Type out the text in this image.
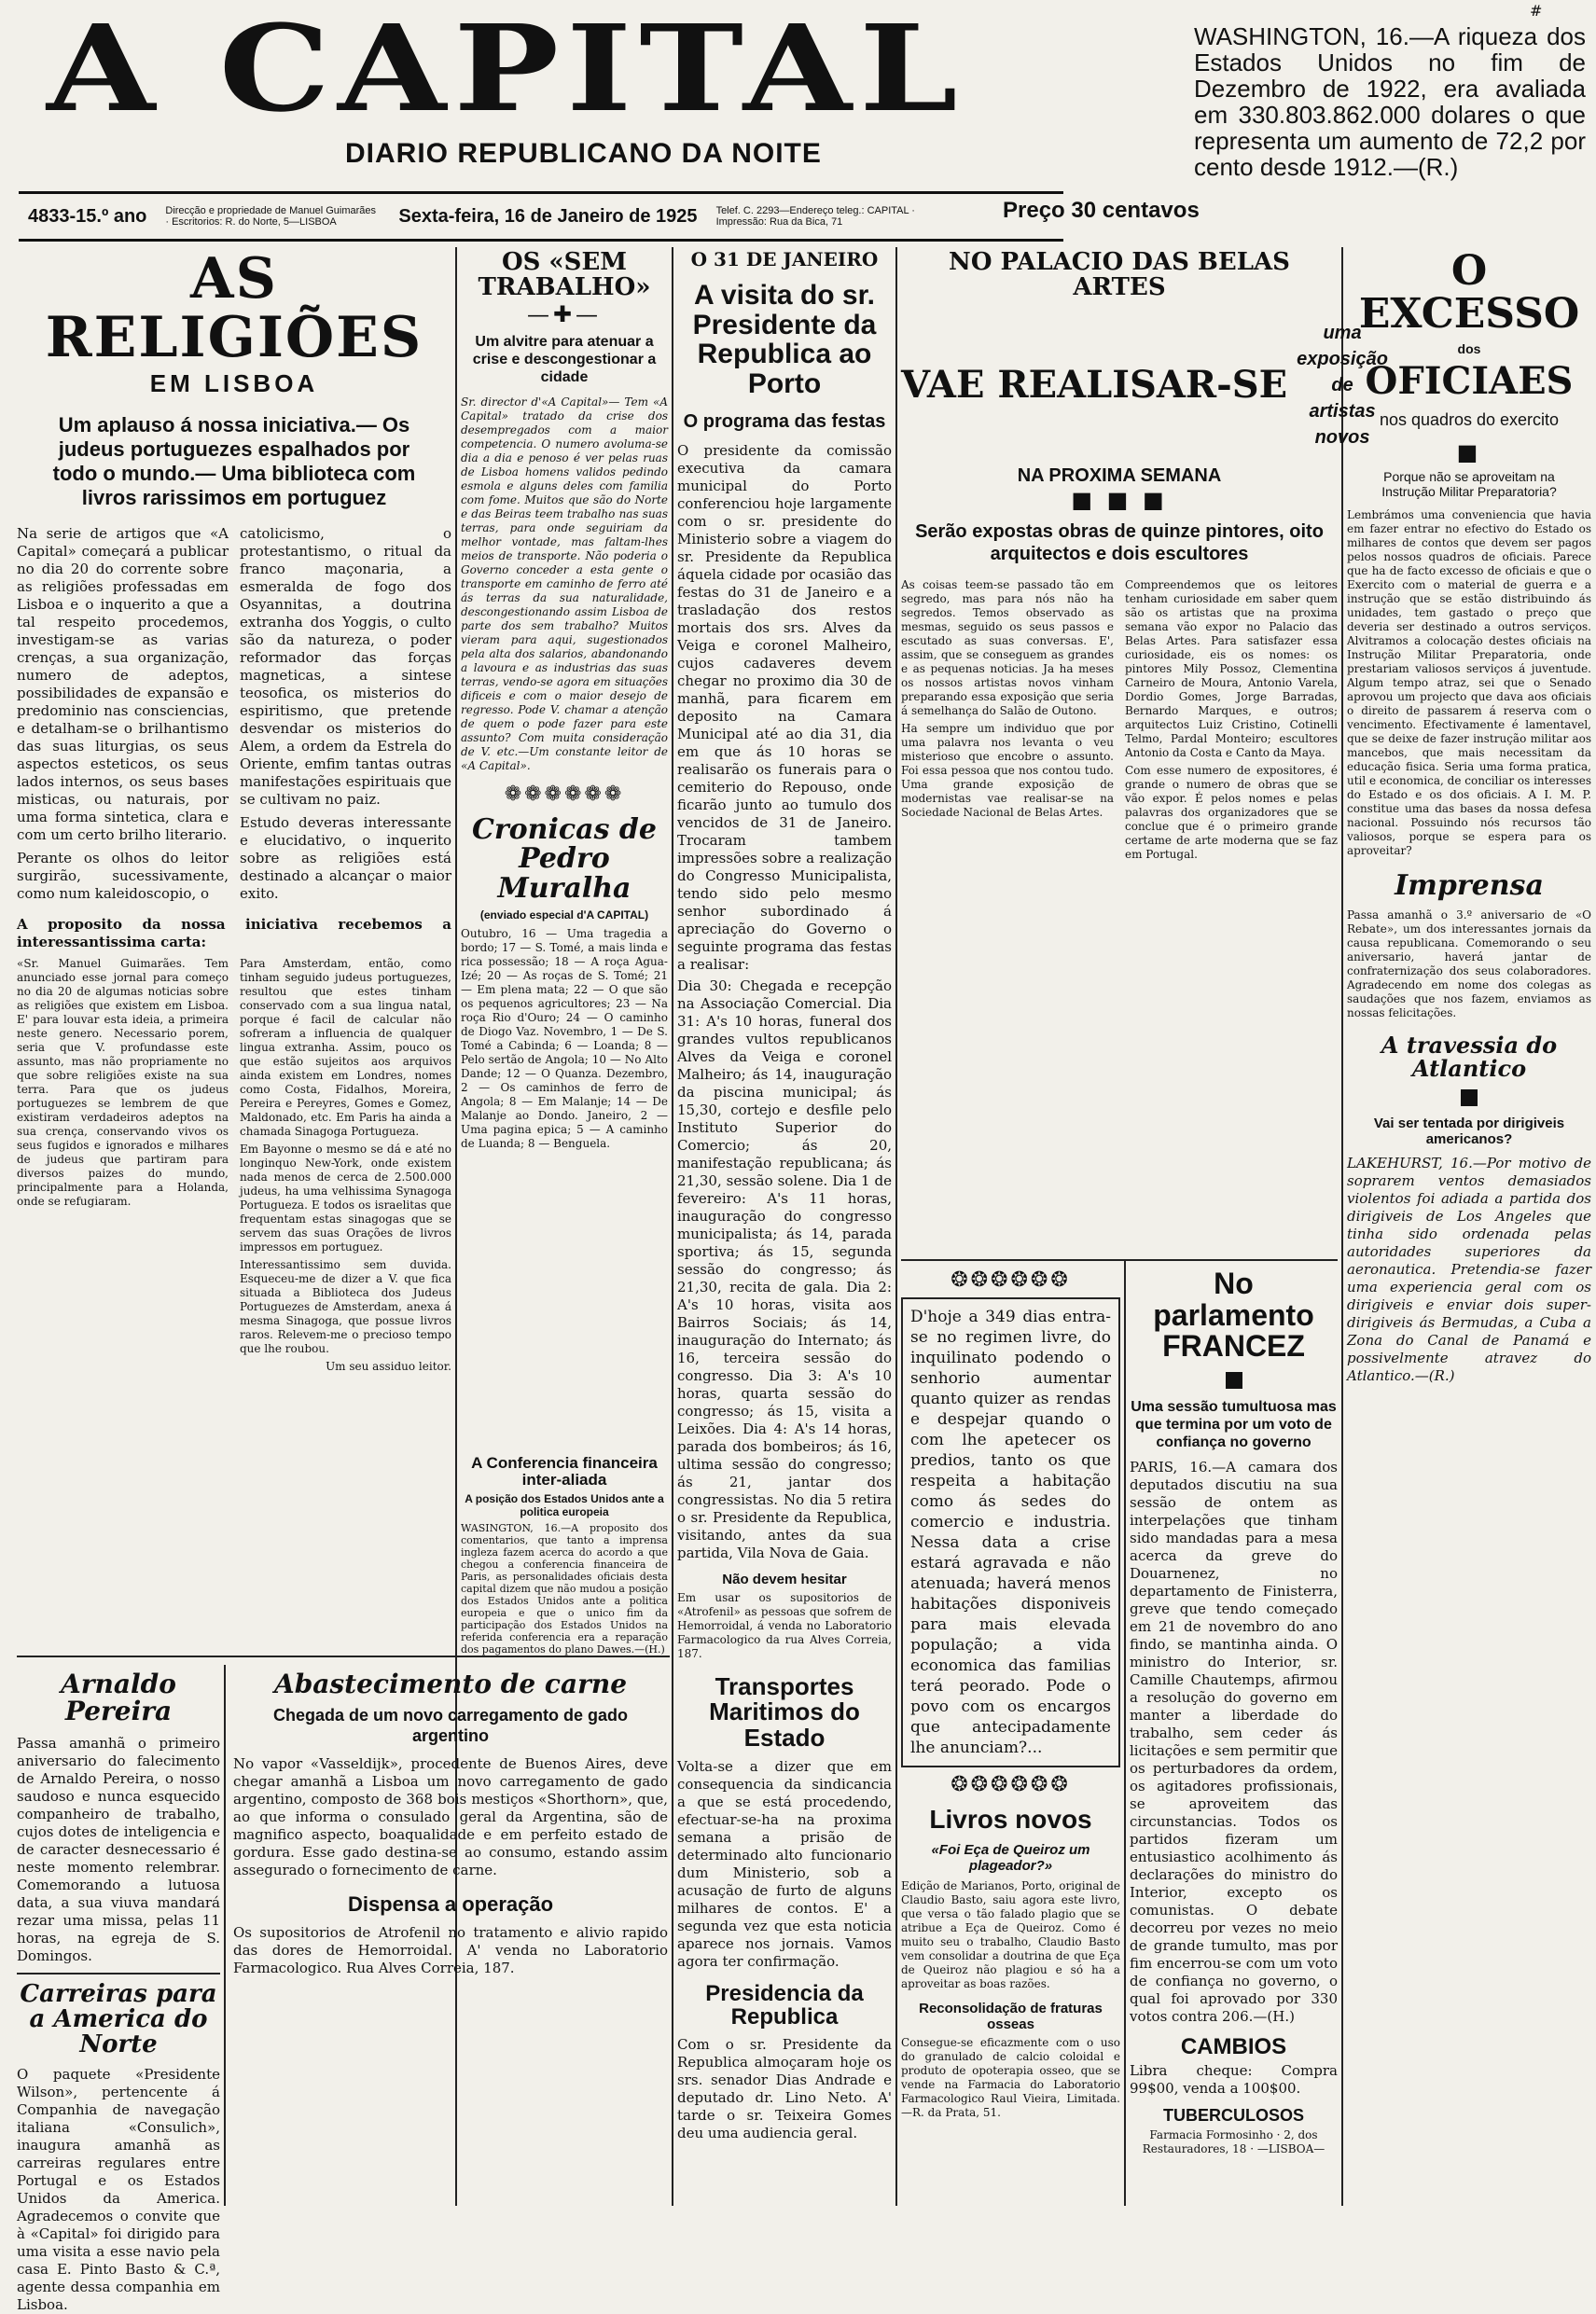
A CAPITAL
DIARIO REPUBLICANO DA NOITE
#
WASHINGTON, 16.—A riqueza dos Estados Unidos no fim de Dezembro de 1922, era avaliada em 330.803.862.000 dolares o que representa um aumento de 72,2 por cento desde 1912.—(R.)
4833-15.º ano	Direcção e propriedade de Manuel Guimarães · Escritorios: R. do Norte, 5—LISBOA	Sexta-feira, 16 de Janeiro de 1925	Telef. C. 2293—Endereço teleg.: CAPITAL · Impressão: Rua da Bica, 71	Preço 30 centavos
AS RELIGIÕES
EM LISBOA
Um aplauso á nossa iniciativa.— Os judeus portuguezes espalhados por todo o mundo.— Uma biblioteca com livros rarissimos em portuguez
Na serie de artigos que «A Capital» começará a publicar no dia 20 do corrente sobre as religiões professadas em Lisboa e o inquerito a que a tal respeito procedemos, investigam-se as varias crenças, a sua organização, numero de adeptos, possibilidades de expansão e predominio nas consciencias, e detalham-se o brilhantismo das suas liturgias, os seus aspectos esteticos, os seus lados internos, os seus bases misticas, ou naturais, por uma forma sintetica, clara e com um certo brilho literario.
Perante os olhos do leitor surgirão, sucessivamente, como num kaleidoscopio, o
catolicismo, o protestantismo, o ritual da franco maçonaria, a esmeralda de fogo dos Osyannitas, a doutrina extranha dos Yoggis, o culto são da natureza, o poder reformador das forças magneticas, a sintese teosofica, os misterios do espiritismo, que pretende desvendar os misterios do Alem, a ordem da Estrela do Oriente, emfim tantas outras manifestações espirituais que se cultivam no paiz.
Estudo deveras interessante e elucidativo, o inquerito sobre as religiões está destinado a alcançar o maior exito.
A proposito da nossa iniciativa recebemos a interessantissima carta:
«Sr. Manuel Guimarães. Tem anunciado esse jornal para começo no dia 20 de algumas noticias sobre as religiões que existem em Lisboa. E' para louvar esta ideia, a primeira neste genero. Necessario porem, seria que V. profundasse este assunto, mas não propriamente no que sobre religiões existe na sua terra. Para que os judeus portuguezes se lembrem de que existiram verdadeiros adeptos na sua crença, conservando vivos os seus fugidos e ignorados e milhares de judeus que partiram para diversos paizes do mundo, principalmente para a Holanda, onde se refugiaram.
Para Amsterdam, então, como tinham seguido judeus portuguezes, resultou que estes tinham conservado com a sua lingua natal, porque é facil de calcular não sofreram a influencia de qualquer lingua extranha. Assim, pouco os que estão sujeitos aos arquivos ainda existem em Londres, nomes como Costa, Fidalhos, Moreira, Pereira e Pereyres, Gomes e Gomez, Maldonado, etc. Em Paris ha ainda a chamada Sinagoga Portugueza.
Em Bayonne o mesmo se dá e até no longinquo New-York, onde existem nada menos de cerca de 2.500.000 judeus, ha uma velhissima Synagoga Portugueza. E todos os israelitas que frequentam estas sinagogas que se servem das suas Orações de livros impressos em portuguez.
Interessantissimo sem duvida. Esqueceu-me de dizer a V. que fica situada a Biblioteca dos Judeus Portuguezes de Amsterdam, anexa á mesma Sinagoga, que possue livros raros. Relevem-me o precioso tempo que lhe roubou.
Um seu assiduo leitor.
Arnaldo Pereira
Passa amanhã o primeiro aniversario do falecimento de Arnaldo Pereira, o nosso saudoso e nunca esquecido companheiro de trabalho, cujos dotes de inteligencia e de caracter desnecessario é neste momento relembrar. Comemorando a lutuosa data, a sua viuva mandará rezar uma missa, pelas 11 horas, na egreja de S. Domingos.
Carreiras para a America do Norte
O paquete «Presidente Wilson», pertencente á Companhia de navegação italiana «Consulich», inaugura amanhã as carreiras regulares entre Portugal e os Estados Unidos da America. Agradecemos o convite que à «Capital» foi dirigido para uma visita a esse navio pela casa E. Pinto Basto & C.ª, agente dessa companhia em Lisboa.
Abastecimento de carne
Chegada de um novo carregamento de gado argentino
No vapor «Vasseldijk», procedente de Buenos Aires, deve chegar amanhã a Lisboa um novo carregamento de gado argentino, composto de 368 bois mestiços «Shorthorn», que, ao que informa o consulado geral da Argentina, são de magnifico aspecto, boaqualidade e em perfeito estado de gordura. Esse gado destina-se ao consumo, estando assim assegurado o fornecimento de carne.
Dispensa a operação
Os supositorios de Atrofenil no tratamento e alivio rapido das dores de Hemorroidal. A' venda no Laboratorio Farmacologico. Rua Alves Correia, 187.
OS «SEM TRABALHO»
—✚—
Um alvitre para atenuar a crise e descongestionar a cidade
Sr. director d'«A Capital»— Tem «A Capital» tratado da crise dos desempregados com a maior competencia. O numero avoluma-se dia a dia e penoso é ver pelas ruas de Lisboa homens validos pedindo esmola e alguns deles com familia com fome. Muitos que são do Norte e das Beiras teem trabalho nas suas terras, para onde seguiriam da melhor vontade, mas faltam-lhes meios de transporte. Não poderia o Governo conceder a esta gente o transporte em caminho de ferro até ás terras da sua naturalidade, descongestionando assim Lisboa de parte dos sem trabalho? Muitos vieram para aqui, sugestionados pela alta dos salarios, abandonando a lavoura e as industrias das suas terras, vendo-se agora em situações dificeis e com o maior desejo de regresso. Pode V. chamar a atenção de quem o pode fazer para este assunto? Com muita consideração de V. etc.—Um constante leitor de «A Capital».
❁❁❁❁❁❁
Cronicas de Pedro Muralha
(enviado especial d'A CAPITAL)
Outubro, 16 — Uma tragedia a bordo; 17 — S. Tomé, a mais linda e rica possessão; 18 — A roça Agua-Izé; 20 — As roças de S. Tomé; 21 — Em plena mata; 22 — O que são os pequenos agricultores; 23 — Na roça Rio d'Ouro; 24 — O caminho de Diogo Vaz. Novembro, 1 — De S. Tomé a Cabinda; 6 — Loanda; 8 — Pelo sertão de Angola; 10 — No Alto Dande; 12 — O Quanza. Dezembro, 2 — Os caminhos de ferro de Angola; 8 — Em Malanje; 14 — De Malanje ao Dondo. Janeiro, 2 — Uma pagina epica; 5 — A caminho de Luanda; 8 — Benguela.
O 31 DE JANEIRO
A visita do sr. Presidente da Republica ao Porto
O programa das festas
O presidente da comissão executiva da camara municipal do Porto conferenciou hoje largamente com o sr. presidente do Ministerio sobre a viagem do sr. Presidente da Republica áquela cidade por ocasião das festas do 31 de Janeiro e a trasladação dos restos mortais dos srs. Alves da Veiga e coronel Malheiro, cujos cadaveres devem chegar no proximo dia 30 de manhã, para ficarem em deposito na Camara Municipal até ao dia 31, dia em que ás 10 horas se realisarão os funerais para o cemiterio do Repouso, onde ficarão junto ao tumulo dos vencidos de 31 de Janeiro. Trocaram tambem impressões sobre a realização do Congresso Municipalista, tendo sido pelo mesmo senhor subordinado á apreciação do Governo o seguinte programa das festas a realisar:
Dia 30: Chegada e recepção na Associação Comercial. Dia 31: A's 10 horas, funeral dos grandes vultos republicanos Alves da Veiga e coronel Malheiro; ás 14, inauguração da piscina municipal; ás 15,30, cortejo e desfile pelo Instituto Superior do Comercio; ás 20, manifestação republicana; ás 21,30, sessão solene. Dia 1 de fevereiro: A's 11 horas, inauguração do congresso municipalista; ás 14, parada sportiva; ás 15, segunda sessão do congresso; ás 21,30, recita de gala. Dia 2: A's 10 horas, visita aos Bairros Sociais; ás 14, inauguração do Internato; ás 16, terceira sessão do congresso. Dia 3: A's 10 horas, quarta sessão do congresso; ás 15, visita a Leixões. Dia 4: A's 14 horas, parada dos bombeiros; ás 16, ultima sessão do congresso; ás 21, jantar dos congressistas. No dia 5 retira o sr. Presidente da Republica, visitando, antes da sua partida, Vila Nova de Gaia.
Não devem hesitar
Em usar os supositorios de «Atrofenil» as pessoas que sofrem de Hemorroidal, á venda no Laboratorio Farmacologico da rua Alves Correia, 187.
Transportes Maritimos do Estado
Volta-se a dizer que em consequencia da sindicancia a que se está procedendo, efectuar-se-ha na proxima semana a prisão de determinado alto funcionario dum Ministerio, sob a acusação de furto de alguns milhares de contos. E' a segunda vez que esta noticia aparece nos jornais. Vamos agora ter confirmação.
Presidencia da Republica
Com o sr. Presidente da Republica almoçaram hoje os srs. senador Dias Andrade e deputado dr. Lino Neto. A' tarde o sr. Teixeira Gomes deu uma audiencia geral.
NO PALACIO DAS BELAS ARTES
VAE REALISAR-SE
uma exposição de artistas novos
NA PROXIMA SEMANA
■ ■ ■
Serão expostas obras de quinze pintores, oito arquitectos e dois escultores
As coisas teem-se passado tão em segredo, mas para nós não ha segredos. Temos observado as mesmas, seguido os seus passos e escutado as suas conversas. E', assim, que se conseguem as grandes e as pequenas noticias. Ja ha meses os nossos artistas novos vinham preparando essa exposição que seria á semelhança do Salão de Outono.
Ha sempre um individuo que por uma palavra nos levanta o veu misterioso que encobre o assunto. Foi essa pessoa que nos contou tudo. Uma grande exposição de modernistas vae realisar-se na Sociedade Nacional de Belas Artes.
Compreendemos que os leitores tenham curiosidade em saber quem são os artistas que na proxima semana vão expor no Palacio das Belas Artes. Para satisfazer essa curiosidade, eis os nomes: os pintores Mily Possoz, Clementina Carneiro de Moura, Antonio Varela, Dordio Gomes, Jorge Barradas, Bernardo Marques, e outros; arquitectos Luiz Cristino, Cotinelli Telmo, Pardal Monteiro; escultores Antonio da Costa e Canto da Maya.
Com esse numero de expositores, é grande o numero de obras que se vão expor. É pelos nomes e pelas palavras dos organizadores que se conclue que é o primeiro grande certame de arte moderna que se faz em Portugal.
❂❂❂❂❂❂
D'hoje a 349 dias entra-se no regimen livre, do inquilinato podendo o senhorio aumentar quanto quizer as rendas e despejar quando o com lhe apetecer os predios, tanto os que respeita a habitação como ás sedes do comercio e industria. Nessa data a crise estará agravada e não atenuada; haverá menos habitações disponiveis para mais elevada população; a vida economica das familias terá peorado. Pode o povo com os encargos que antecipadamente lhe anunciam?...
❂❂❂❂❂❂
Livros novos
«Foi Eça de Queiroz um plageador?»
Edição de Marianos, Porto, original de Claudio Basto, saiu agora este livro, que versa o tão falado plagio que se atribue a Eça de Queiroz. Como é muito seu o trabalho, Claudio Basto vem consolidar a doutrina de que Eça de Queiroz não plagiou e só ha a aproveitar as boas razões.
Reconsolidação de fraturas osseas
Consegue-se eficazmente com o uso do granulado de calcio coloidal e produto de opoterapia osseo, que se vende na Farmacia do Laboratorio Farmacologico Raul Vieira, Limitada.—R. da Prata, 51.
No parlamento FRANCEZ
Uma sessão tumultuosa mas que termina por um voto de confiança no governo
PARIS, 16.—A camara dos deputados discutiu na sua sessão de ontem as interpelações que tinham sido mandadas para a mesa acerca da greve do Douarnenez, no departamento de Finisterra, greve que tendo começado em 21 de novembro do ano findo, se mantinha ainda. O ministro do Interior, sr. Camille Chautemps, afirmou a resolução do governo em manter a liberdade do trabalho, sem ceder ás licitações e sem permitir que os perturbadores da ordem, os agitadores profissionais, se aproveitem das circunstancias. Todos os partidos fizeram um entusiastico acolhimento ás declarações do ministro do Interior, excepto os comunistas. O debate decorreu por vezes no meio de grande tumulto, mas por fim encerrou-se com um voto de confiança no governo, o qual foi aprovado por 330 votos contra 206.—(H.)
CAMBIOS
Libra cheque: Compra 99$00, venda a 100$00.
TUBERCULOSOS
Farmacia Formosinho · 2, dos Restauradores, 18 · —LISBOA—
O EXCESSO
dos
OFICIAES
nos quadros do exercito
■
Porque não se aproveitam na Instrução Militar Preparatoria?
Lembrámos uma conveniencia que havia em fazer entrar no efectivo do Estado os milhares de contos que devem ser pagos pelos nossos quadros de oficiais. Parece que ha de facto excesso de oficiais e que o Exercito com o material de guerra e a instrução que se estão distribuindo ás unidades, tem gastado o preço que deveria ser destinado a outros serviços. Alvitramos a colocação destes oficiais na Instrução Militar Preparatoria, onde prestariam valiosos serviços á juventude. Algum tempo atraz, sei que o Senado aprovou um projecto que dava aos oficiais o direito de passarem á reserva com o vencimento. Efectivamente é lamentavel, que se deixe de fazer instrução militar aos mancebos, que mais necessitam da educação fisica. Seria uma forma pratica, util e economica, de conciliar os interesses do Estado e os dos oficiais. A I. M. P. constitue uma das bases da nossa defesa nacional. Possuindo nós recursos tão valiosos, porque se espera para os aproveitar?
Imprensa
Passa amanhã o 3.º aniversario de «O Rebate», um dos interessantes jornais da causa republicana. Comemorando o seu aniversario, haverá jantar de confraternização dos seus colaboradores. Agradecendo em nome dos colegas as saudações que nos fazem, enviamos as nossas felicitações.
A travessia do Atlantico
Vai ser tentada por dirigiveis americanos?
LAKEHURST, 16.—Por motivo de soprarem ventos demasiados violentos foi adiada a partida dos dirigiveis de Los Angeles que tinha sido ordenada pelas autoridades superiores da aeronautica. Pretendia-se fazer uma experiencia geral com os dirigiveis e enviar dois super-dirigiveis ás Bermudas, a Cuba a Zona do Canal de Panamá e possivelmente atravez do Atlantico.—(R.)
A Conferencia financeira inter-aliada
A posição dos Estados Unidos ante a politica europeia
WASINGTON, 16.—A proposito dos comentarios, que tanto a imprensa ingleza fazem acerca do acordo a que chegou a conferencia financeira de Paris, as personalidades oficiais desta capital dizem que não mudou a posição dos Estados Unidos ante a politica europeia e que o unico fim da participação dos Estados Unidos na referida conferencia era a reparação dos pagamentos do plano Dawes.—(H.)
